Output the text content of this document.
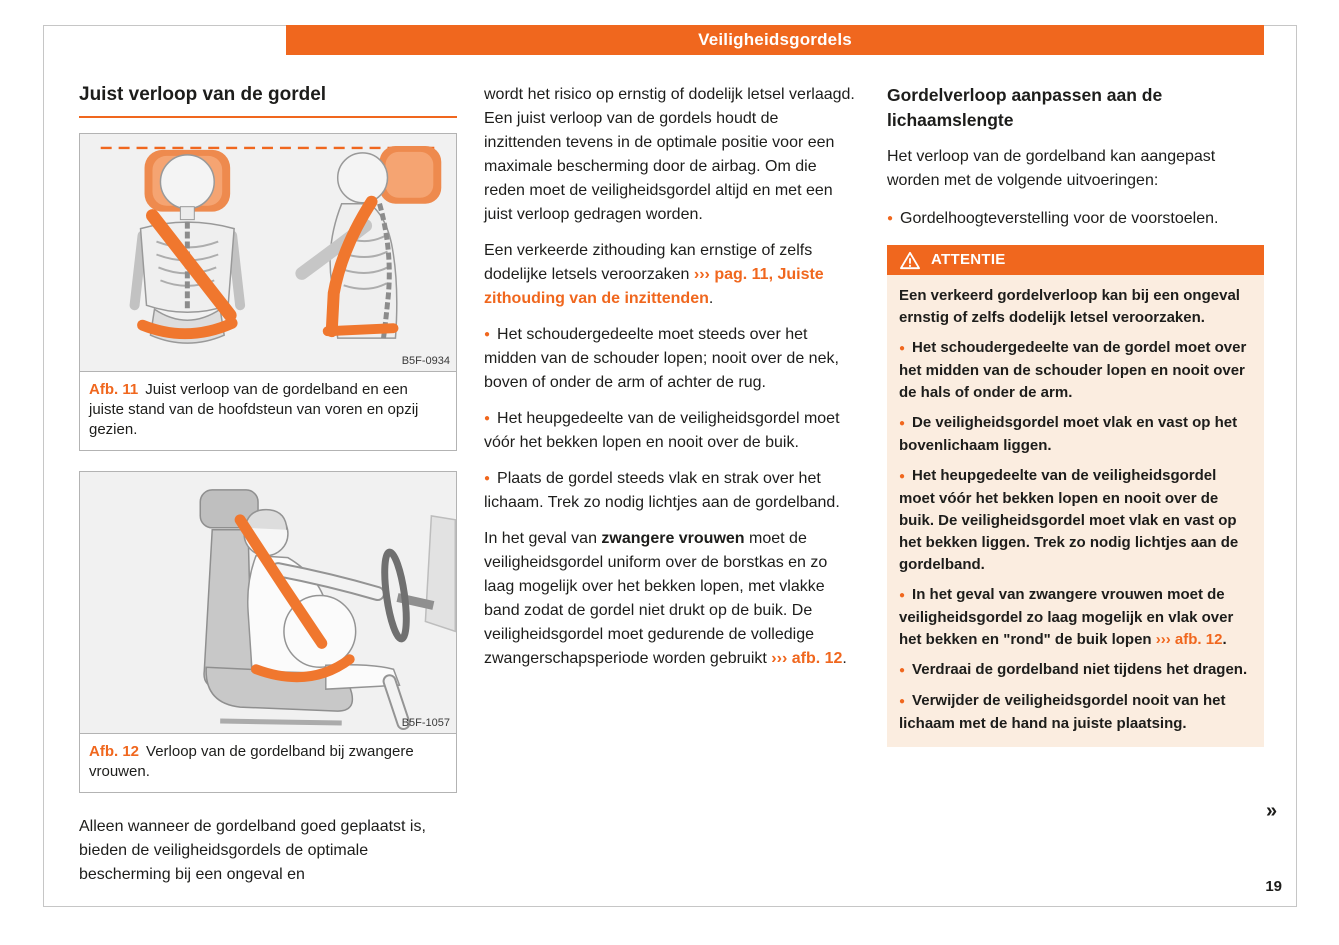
Veiligheidsgordels
Juist verloop van de gordel
B5F-0934
Afb. 11 Juist verloop van de gordelband en een juiste stand van de hoofdsteun van voren en opzij gezien.
B5F-1057
Afb. 12 Verloop van de gordelband bij zwangere vrouwen.

Alleen wanneer de gordelband goed geplaatst is, bieden de veiligheidsgordels de optimale bescherming bij een ongeval en

wordt het risico op ernstig of dodelijk letsel verlaagd. Een juist verloop van de gordels houdt de inzittenden tevens in de optimale positie voor een maximale bescherming door de airbag. Om die reden moet de veiligheidsgordel altijd en met een juist verloop gedragen worden.

Een verkeerde zithouding kan ernstige of zelfs dodelijke letsels veroorzaken ››› pag. 11, Juiste zithouding van de inzittenden.

● Het schoudergedeelte moet steeds over het midden van de schouder lopen; nooit over de nek, boven of onder de arm of achter de rug.

● Het heupgedeelte van de veiligheidsgordel moet vóór het bekken lopen en nooit over de buik.

● Plaats de gordel steeds vlak en strak over het lichaam. Trek zo nodig lichtjes aan de gordelband.

In het geval van zwangere vrouwen moet de veiligheidsgordel uniform over de borstkas en zo laag mogelijk over het bekken lopen, met vlakke band zodat de gordel niet drukt op de buik. De veiligheidsgordel moet gedurende de volledige zwangerschapsperiode worden gebruikt ››› afb. 12.

Gordelverloop aanpassen aan de lichaamslengte

Het verloop van de gordelband kan aangepast worden met de volgende uitvoeringen:

● Gordelhoogteverstelling voor de voorstoelen.

ATTENTIE

Een verkeerd gordelverloop kan bij een ongeval ernstig of zelfs dodelijk letsel veroorzaken.

● Het schoudergedeelte van de gordel moet over het midden van de schouder lopen en nooit over de hals of onder de arm.

● De veiligheidsgordel moet vlak en vast op het bovenlichaam liggen.

● Het heupgedeelte van de veiligheidsgordel moet vóór het bekken lopen en nooit over de buik. De veiligheidsgordel moet vlak en vast op het bekken liggen. Trek zo nodig lichtjes aan de gordelband.

● In het geval van zwangere vrouwen moet de veiligheidsgordel zo laag mogelijk en vlak over het bekken en "rond" de buik lopen ››› afb. 12.

● Verdraai de gordelband niet tijdens het dragen.

● Verwijder de veiligheidsgordel nooit van het lichaam met de hand na juiste plaatsing.

»
19
